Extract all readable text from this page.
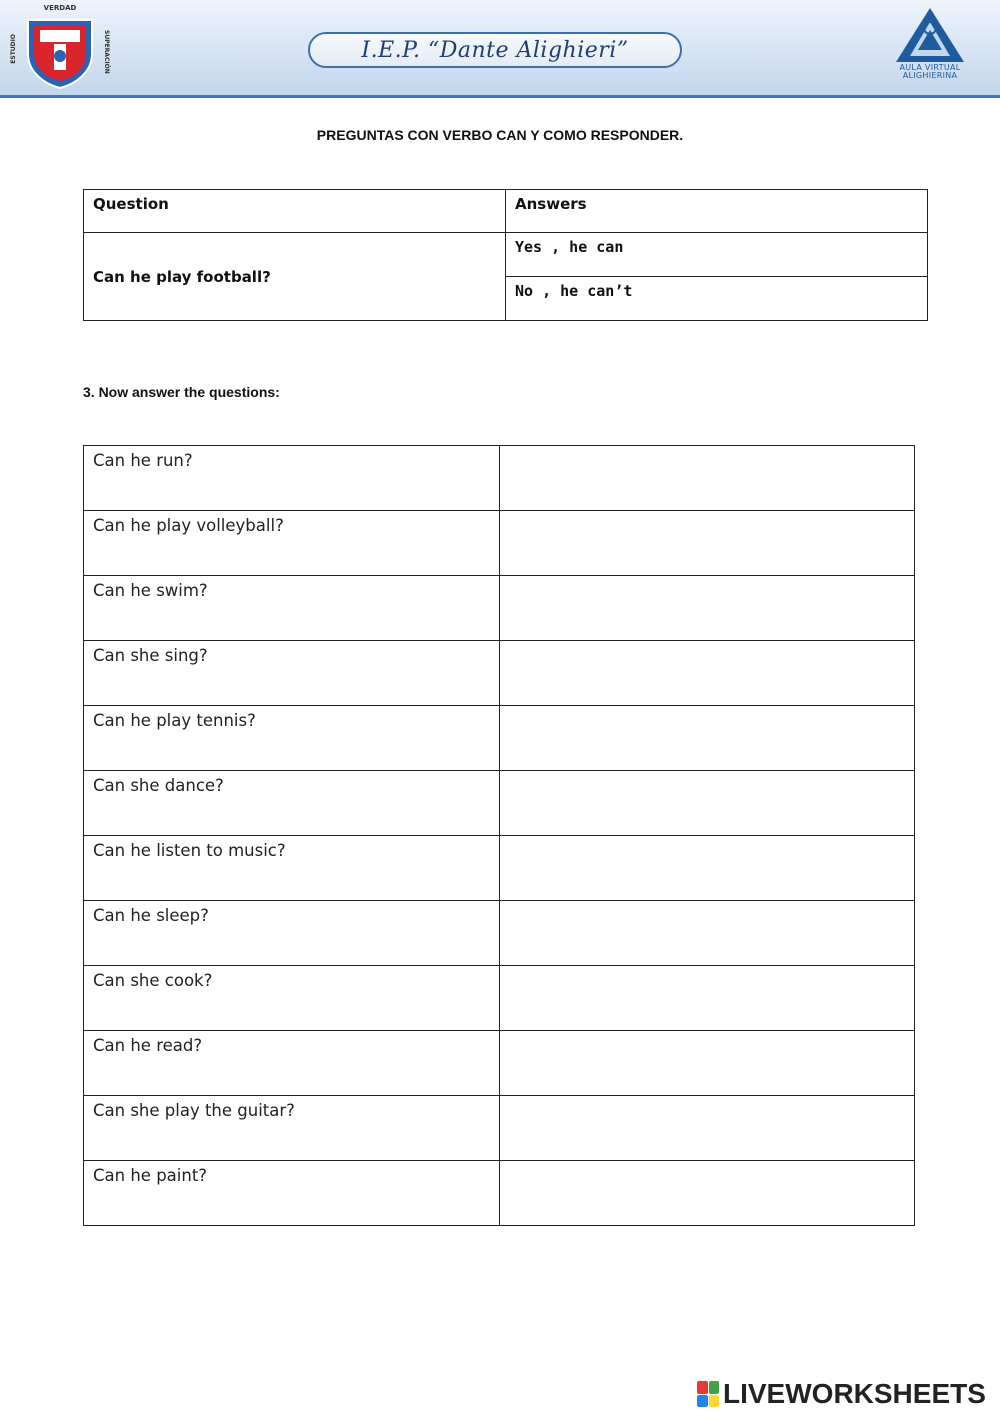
VERDAD
ESTUDIO	SUPERACIÓN	I.E.P. “Dante Alighieri”
AULA VIRTUAL
ALIGHIERINA
PREGUNTAS CON VERBO CAN Y COMO RESPONDER.
Question	Answers
Can he play football?	Yes , he can
	No , he can’t
3. Now answer the questions:
Can he run?	
Can he play volleyball?	
Can he swim?	
Can she sing?	
Can he play tennis?	
Can she dance?	
Can he listen to music?	
Can he sleep?	
Can she cook?	
Can he read?	
Can she play the guitar?	
Can he paint?	
LIVEWORKSHEETS
